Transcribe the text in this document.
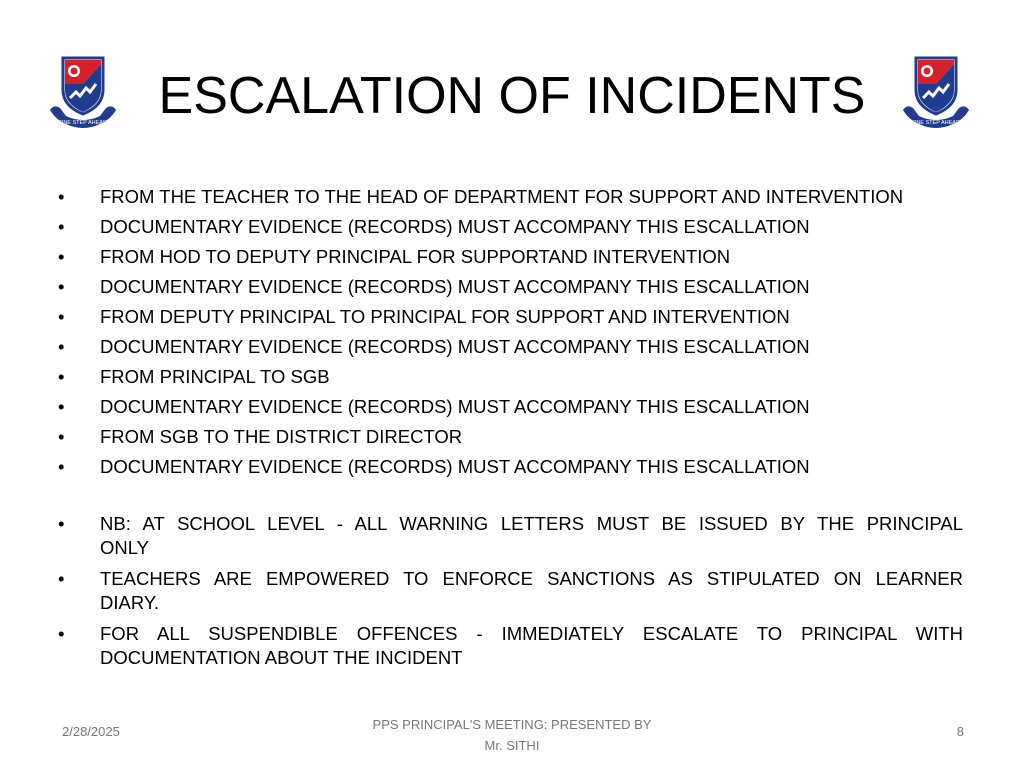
ONE STEP AHEAD	ONE STEP AHEAD
ESCALATION OF INCIDENTS
•	FROM THE TEACHER TO THE HEAD OF DEPARTMENT FOR SUPPORT AND INTERVENTION
•	DOCUMENTARY EVIDENCE (RECORDS) MUST ACCOMPANY THIS ESCALLATION
•	FROM HOD TO DEPUTY PRINCIPAL FOR SUPPORTAND INTERVENTION
•	DOCUMENTARY EVIDENCE (RECORDS) MUST ACCOMPANY THIS ESCALLATION
•	FROM DEPUTY PRINCIPAL TO PRINCIPAL FOR SUPPORT AND INTERVENTION
•	DOCUMENTARY EVIDENCE (RECORDS) MUST ACCOMPANY THIS ESCALLATION
•	FROM PRINCIPAL TO SGB
•	DOCUMENTARY EVIDENCE (RECORDS) MUST ACCOMPANY THIS ESCALLATION
•	FROM SGB TO THE DISTRICT DIRECTOR
•	DOCUMENTARY EVIDENCE (RECORDS) MUST ACCOMPANY THIS ESCALLATION
• NB: AT SCHOOL LEVEL - ALL WARNING LETTERS MUST BE ISSUED BY THE PRINCIPAL
ONLY
• TEACHERS ARE EMPOWERED TO ENFORCE SANCTIONS AS STIPULATED ON LEARNER
DIARY.
• FOR ALL SUSPENDIBLE OFFENCES - IMMEDIATELY ESCALATE TO PRINCIPAL WITH
DOCUMENTATION ABOUT THE INCIDENT
2/28/2025	PPS PRINCIPAL'S MEETING: PRESENTED BY
Mr. SITHI
8
